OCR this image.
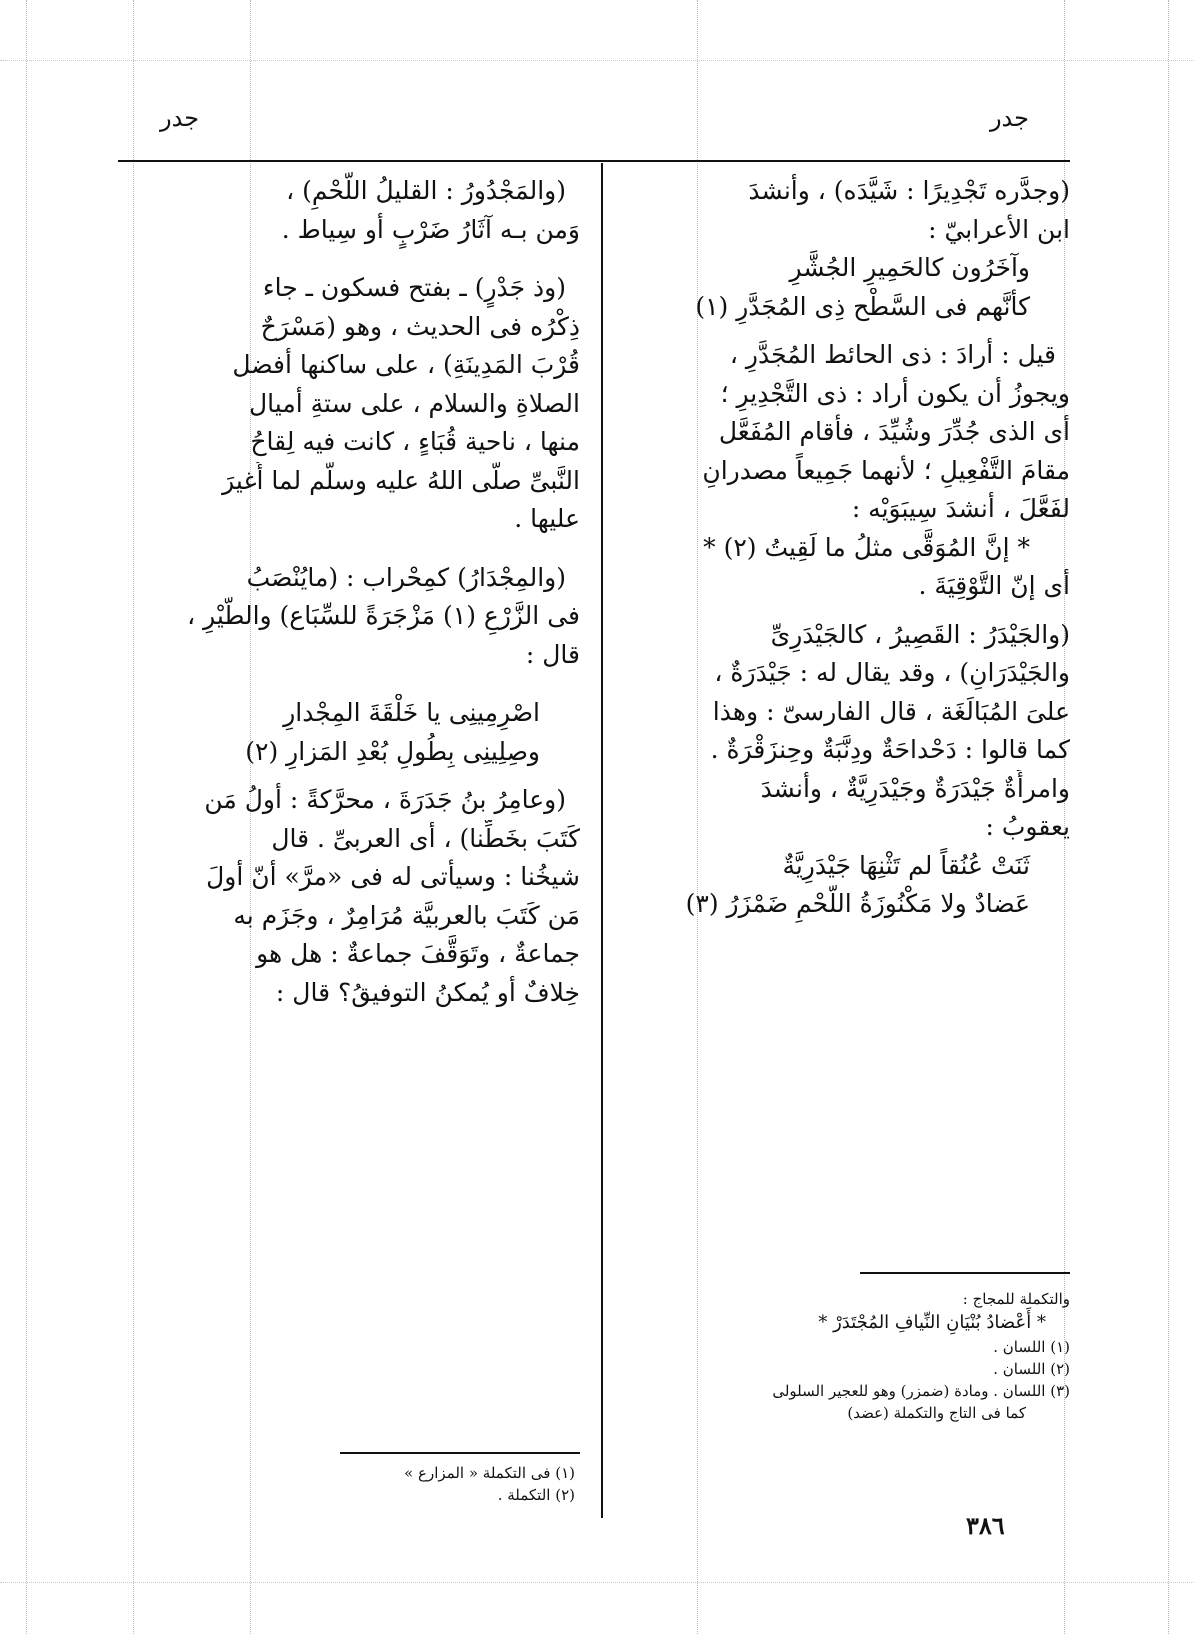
جدر
جدر
(وجدَّره تَجْدِيرًا : شَيَّدَه) ، وأنشدَ
ابن الأعرابيّ :
وآخَرُون كالحَمِيرِ الجُشَّرِ
كأنَّهم فى السَّطْح ذِى المُجَدَّرِ (١)
قيل : أرادَ : ذى الحائط المُجَدَّرِ ،
ويجوزُ أن يكون أراد : ذى التَّجْدِيرِ ؛
أى الذى جُدِّرَ وشُيِّدَ ، فأقام المُفَعَّل
مقامَ التَّفْعِيلِ ؛ لأنهما جَمِيعاً مصدرانِ
لفَعَّلَ ، أنشدَ سِيبَوَيْه :
* إنَّ المُوَقَّى مثلُ ما لَقِيتُ (٢) *
أى إنّ التَّوْقِيَةَ .
(والجَيْدَرُ : القَصِيرُ ، كالجَيْدَرِىِّ
والجَيْدَرَانِ) ، وقد يقال له : جَيْدَرَةٌ ،
علىَ المُبَالَغَة ، قال الفارسىّ : وهذا
كما قالوا : دَحْداحَةٌ ودِنَّبَةٌ وحِنزَقْرَةٌ .
وامرأَةٌ جَيْدَرَةٌ وجَيْدَرِيَّةٌ ، وأنشدَ
يعقوبُ :
ثَنَتْ عُنُقاً لم تَثْنِهَا جَيْدَرِيَّةٌ
عَضادٌ ولا مَكْنُوزَةُ اللَّحْمِ ضَمْزَرُ (٣)
(والمَجْدُورُ : القليلُ اللَّحْمِ) ،
وَمن بـه آثَارُ ضَرْبٍ أو سِياط .
(وذ جَدْرٍ) ـ بفتح فسكون ـ جاء
ذِكْرُه فى الحديث ، وهو (مَسْرَحٌ
قُرْبَ المَدِينَةِ) ، على ساكنها أفضل
الصلاةِ والسلام ، على ستةِ أميال
منها ، ناحية قُبَاءٍ ، كانت فيه لِقاحُ
النَّبىِّ صلَّى اللهُ عليه وسلّم لما أُغيرَ
عليها .
(والمِجْدَارُ) كمِحْراب : (مايُنْصَبُ
فى الزَّرْعِ (١) مَزْجَرَةً للسِّبَاع) والطَّيْرِ ،
قال :
اصْرِمِينِى يا خَلْقَةَ المِجْدارِ
وصِلِينِى بِطُولِ بُعْدِ المَزارِ (٢)
(وعامِرُ بنُ جَدَرَةَ ، محرَّكةً : أولُ مَن
كَتَبَ بخَطِّنا) ، أى العربىِّ . قال
شيخُنا : وسيأْتى له فى «مرَّ» أنّ أولَ
مَن كَتَبَ بالعربيَّة مُرَامِرٌ ، وجَزَم به
جماعةٌ ، وتَوَقَّفَ جماعةٌ : هل هو
خِلافٌ أو يُمكنُ التوفيقُ؟ قال :
والتكملة للمجاج :
* أَعْضادُ بُنْيَانِ النِّيافِ المُجْتَدَرْ *
(١) اللسان .
(٢) اللسان .
(٣) اللسان . ومادة (ضمزر) وهو للعجير السلولى
كما فى التاج والتكملة (عضد)
(١) فى التكملة « المزارع »
(٢) التكملة .
٣٨٦
